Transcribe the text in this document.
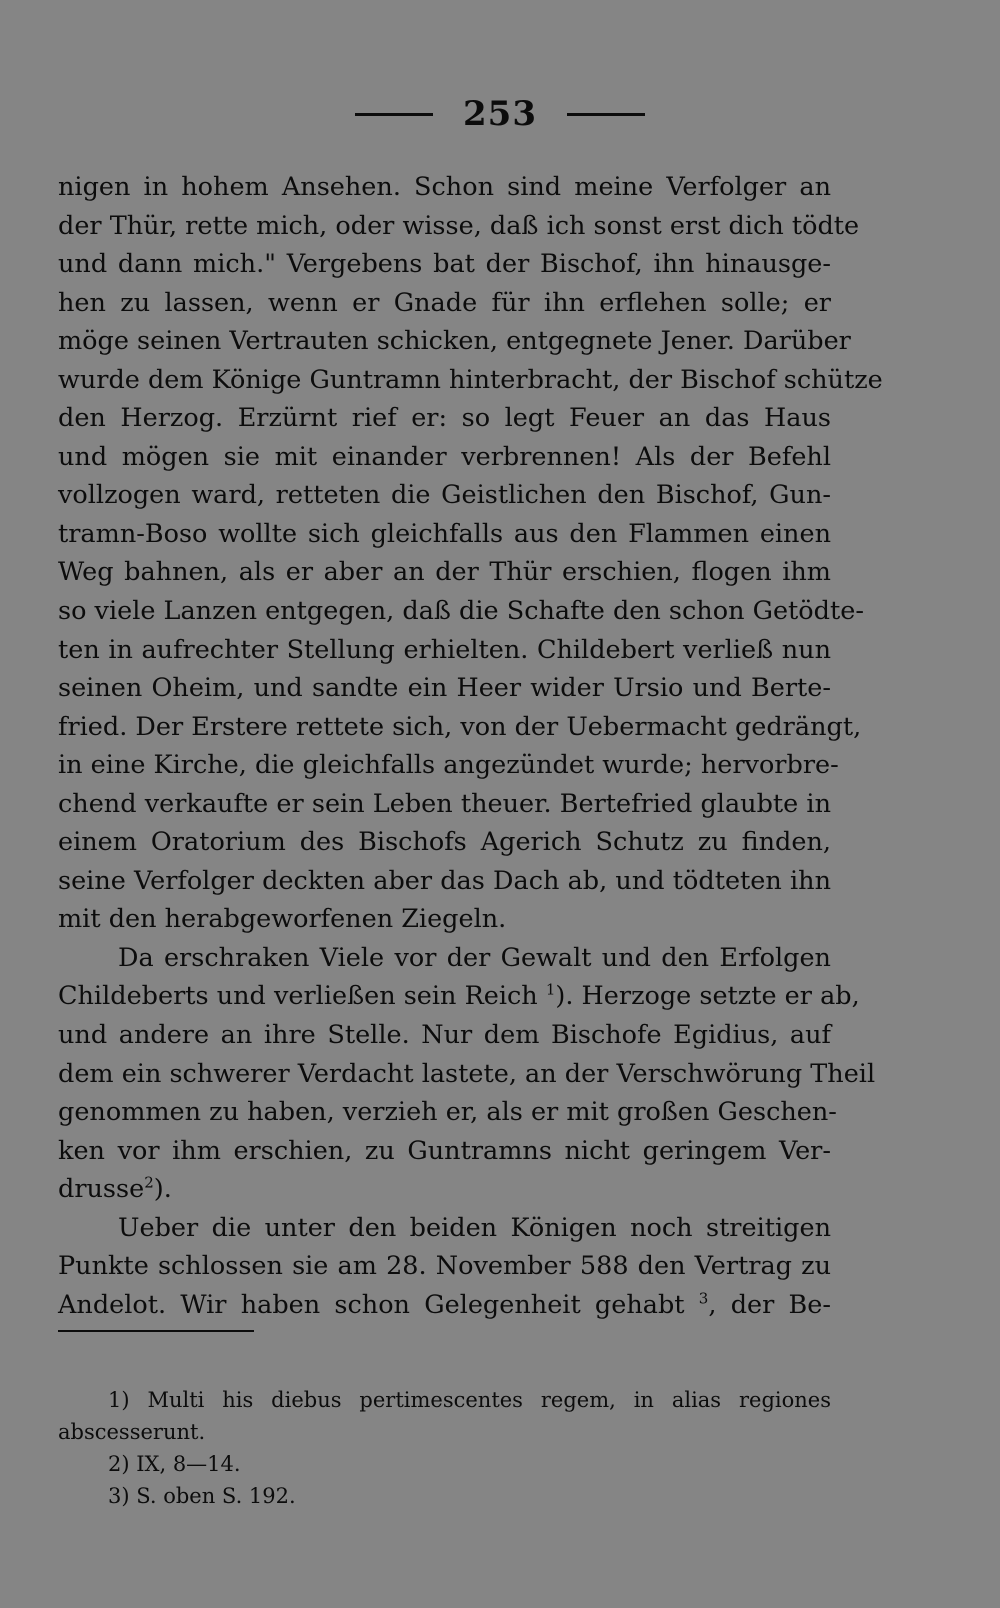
253
nigen in hohem Ansehen. Schon sind meine Verfolger an
der Thür, rette mich, oder wisse, daß ich sonst erst dich tödte
und dann mich." Vergebens bat der Bischof, ihn hinausge-
hen zu lassen, wenn er Gnade für ihn erflehen solle; er
möge seinen Vertrauten schicken, entgegnete Jener. Darüber
wurde dem Könige Guntramn hinterbracht, der Bischof schütze
den Herzog. Erzürnt rief er: so legt Feuer an das Haus
und mögen sie mit einander verbrennen! Als der Befehl
vollzogen ward, retteten die Geistlichen den Bischof, Gun-
tramn-Boso wollte sich gleichfalls aus den Flammen einen
Weg bahnen, als er aber an der Thür erschien, flogen ihm
so viele Lanzen entgegen, daß die Schafte den schon Getödte-
ten in aufrechter Stellung erhielten. Childebert verließ nun
seinen Oheim, und sandte ein Heer wider Ursio und Berte-
fried. Der Erstere rettete sich, von der Uebermacht gedrängt,
in eine Kirche, die gleichfalls angezündet wurde; hervorbre-
chend verkaufte er sein Leben theuer. Bertefried glaubte in
einem Oratorium des Bischofs Agerich Schutz zu finden,
seine Verfolger deckten aber das Dach ab, und tödteten ihn
mit den herabgeworfenen Ziegeln.
Da erschraken Viele vor der Gewalt und den Erfolgen
Childeberts und verließen sein Reich $^1$). Herzoge setzte er ab,
und andere an ihre Stelle. Nur dem Bischofe Egidius, auf
dem ein schwerer Verdacht lastete, an der Verschwörung Theil
genommen zu haben, verzieh er, als er mit großen Geschen-
ken vor ihm erschien, zu Guntramns nicht geringem Ver-
drusse$^2$).
Ueber die unter den beiden Königen noch streitigen
Punkte schlossen sie am 28. November 588 den Vertrag zu
Andelot. Wir haben schon Gelegenheit gehabt $^3$, der Be-
1) Multi his diebus pertimescentes regem, in alias regiones
abscesserunt.
2) IX, 8—14.
3) S. oben S. 192.
